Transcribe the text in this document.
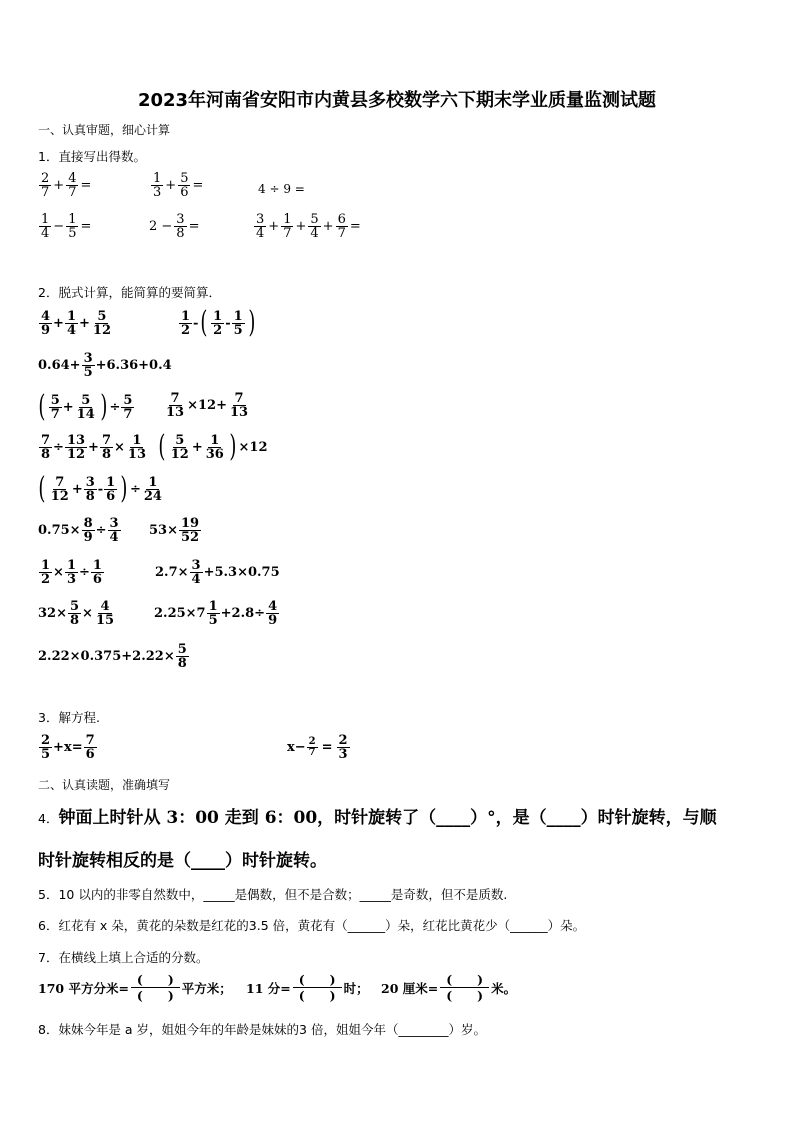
2023年河南省安阳市内黄县多校数学六下期末学业质量监测试题
一、认真审题，细心计算
1．直接写出得数。
$\frac{2}{7} + \frac{4}{7}$ =	$\frac{1}{3} + \frac{5}{6}$ =	4 ÷ 9 =
$\frac{1}{4} - \frac{1}{5}$ =	$2 - \frac{3}{8}$ =	$\frac{3}{4} + \frac{1}{7} + \frac{5}{4} + \frac{6}{7}$ =
2．脱式计算，能简算的要简算．
$\frac{4}{9} + \frac{1}{4} + \frac{5}{12}$	$\frac{1}{2}$ - ( $\frac{1}{2} - \frac{1}{5}$ )
$0.64+ \frac{3}{5} +6.36+0.4$
( $\frac{5}{7} + \frac{5}{14}$ ) ÷ $\frac{5}{7} \frac{7}{13} \times 12+ \frac{7}{13}$
$\frac{7}{8} \div \frac{13}{12} + \frac{7}{8} \times \frac{1}{13}$ ( $\frac{5}{12} + \frac{1}{36}$ ) ×12
( $\frac{7}{12} + \frac{3}{8} - \frac{1}{6}$ ) ÷ $\frac{1}{24}$
$0.75\times \frac{8}{9} \div \frac{3}{4} 53\times \frac{19}{52}$
$\frac{1}{2} \times \frac{1}{3} \div \frac{1}{6}$	$2.7\times \frac{3}{4} +5.3\times 0.75$
$32\times \frac{5}{8} \times \frac{4}{15}$	$2.25\times 7 \frac{1}{5} +2.8\div \frac{4}{9}$
$2.22\times 0.375+2.22\times \frac{5}{8}$
3．解方程.
$\frac{2}{5} +x= \frac{7}{6}$	$x- \frac{2}{7} = \frac{2}{3}$
二、认真读题，准确填写
4．钟面上时针从 3：00 走到 6：00，时针旋转了（____）°，是（____）时针旋转，与顺
时针旋转相反的是（____）时针旋转。
5．10 以内的非零自然数中，_____是偶数，但不是合数；_____是奇数，但不是质数.
6．红花有 x 朵，黄花的朵数是红花的3.5 倍，黄花有（______）朵，红花比黄花少（______）朵。
7．在横线上填上合适的分数。
170 平方分米=
(　　)
(　　) 平方米； 11 分=
(　　)
(　　) 时； 20 厘米=
(　　)
(　　) 米。
8．妹妹今年是 a 岁，姐姐今年的年龄是妹妹的3 倍，姐姐今年（________）岁。
